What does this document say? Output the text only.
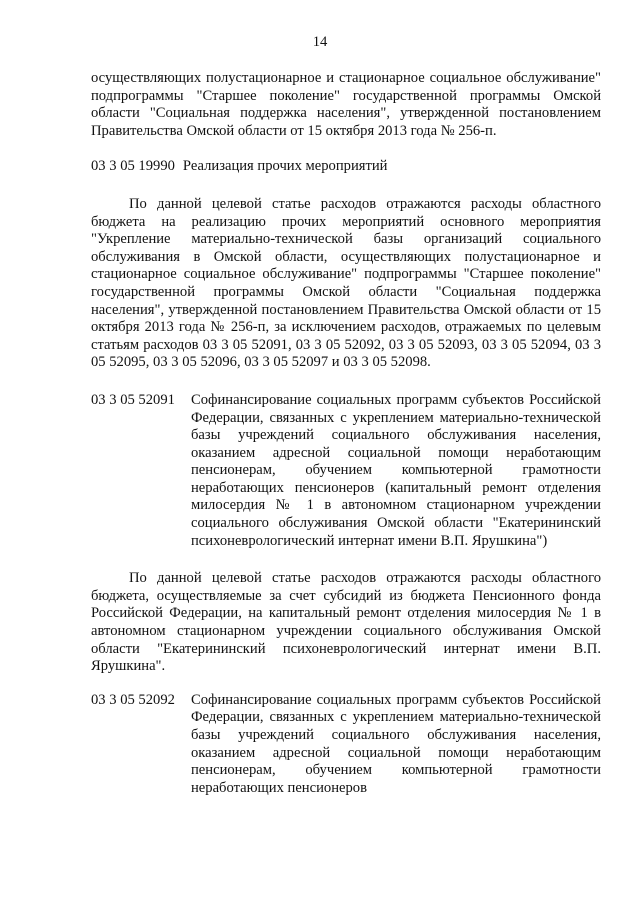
14

осуществляющих полустационарное и стационарное социальное обслуживание" подпрограммы "Старшее поколение" государственной программы Омской области "Социальная поддержка населения", утвержденной постановлением Правительства Омской области от 15 октября 2013 года № 256-п.

03 3 05 19990 Реализация прочих мероприятий

По данной целевой статье расходов отражаются расходы областного бюджета на реализацию прочих мероприятий основного мероприятия "Укрепление материально-технической базы организаций социального обслуживания в Омской области, осуществляющих полустационарное и стационарное социальное обслуживание" подпрограммы "Старшее поколение" государственной программы Омской области "Социальная поддержка населения", утвержденной постановлением Правительства Омской области от 15 октября 2013 года № 256-п, за исключением расходов, отражаемых по целевым статьям расходов 03 3 05 52091, 03 3 05 52092, 03 3 05 52093, 03 3 05 52094, 03 3 05 52095, 03 3 05 52096, 03 3 05 52097 и 03 3 05 52098.

03 3 05 52091	Софинансирование социальных программ субъектов Российской Федерации, связанных с укреплением материально-технической базы учреждений социального обслуживания населения, оказанием адресной социальной помощи неработающим пенсионерам, обучением компьютерной грамотности неработающих пенсионеров (капитальный ремонт отделения милосердия № 1 в автономном стационарном учреждении социального обслуживания Омской области "Екатерининский психоневрологический интернат имени В.П. Ярушкина")

По данной целевой статье расходов отражаются расходы областного бюджета, осуществляемые за счет субсидий из бюджета Пенсионного фонда Российской Федерации, на капитальный ремонт отделения милосердия № 1 в автономном стационарном учреждении социального обслуживания Омской области "Екатерининский психоневрологический интернат имени В.П. Ярушкина".

03 3 05 52092	Софинансирование социальных программ субъектов Российской Федерации, связанных с укреплением материально-технической базы учреждений социального обслуживания населения, оказанием адресной социальной помощи неработающим пенсионерам, обучением компьютерной грамотности неработающих пенсионеров
